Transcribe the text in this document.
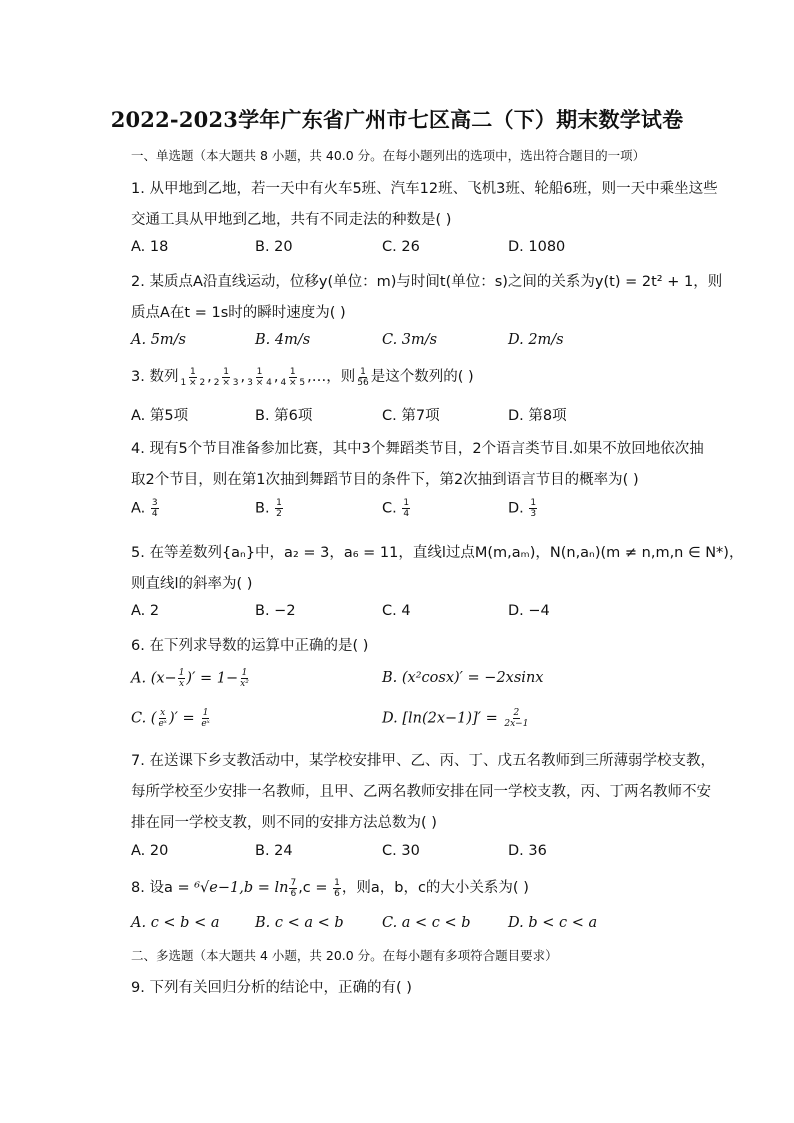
2022-2023学年广东省广州市七区高二（下）期末数学试卷
一、单选题（本大题共 8 小题，共 40.0 分。在每小题列出的选项中，选出符合题目的一项）
1. 从甲地到乙地，若一天中有火车5班、汽车12班、飞机3班、轮船6班，则一天中乘坐这些
交通工具从甲地到乙地，共有不同走法的种数是( )
A. 18	B. 20	C. 26	D. 1080
2. 某质点A沿直线运动，位移y(单位：m)与时间t(单位：s)之间的关系为y(t) = 2t² + 1，则
质点A在t = 1s时的瞬时速度为( )
A. 5m/s	B. 4m/s	C. 3m/s	D. 2m/s
3. 数列 $\frac{1}{1 \times 2}$ , $\frac{1}{2 \times 3}$ , $\frac{1}{3 \times 4}$ , $\frac{1}{4 \times 5}$ ,…，则 $\frac{1}{56}$ 是这个数列的( )
A. 第5项	B. 第6项	C. 第7项	D. 第8项
4. 现有5个节目准备参加比赛，其中3个舞蹈类节目，2个语言类节目.如果不放回地依次抽
取2个节目，则在第1次抽到舞蹈节目的条件下，第2次抽到语言节目的概率为( )
A. $\frac{3}{4}$	B. $\frac{1}{2}$	C. $\frac{1}{4}$	D. $\frac{1}{3}$
5. 在等差数列{aₙ}中，a₂ = 3，a₆ = 11，直线l过点M(m,aₘ)，N(n,aₙ)(m ≠ n,m,n ∈ N*)，
则直线l的斜率为( )
A. 2	B. −2	C. 4	D. −4
6. 在下列求导数的运算中正确的是( )
A. ($x- \frac{1}{x}$ )′ = $1- \frac{1}{\text{x²}}$	B. (x²cosx)′ = −2xsinx
C. ( $\frac{x}{\text{eˣ}}$ )′ = $\frac{1}{\text{eˣ}}$	D. $[\ln(2x-1)]' = \frac{2}{2x-1}$
7. 在送课下乡支教活动中，某学校安排甲、乙、丙、丁、戊五名教师到三所薄弱学校支教，
每所学校至少安排一名教师，且甲、乙两名教师安排在同一学校支教，丙、丁两名教师不安
排在同一学校支教，则不同的安排方法总数为( )
A. 20	B. 24	C. 30	D. 36
8. 设$a = ^6√e-1,b = \ln \frac{7}{6} ,c = \frac{1}{6}$ ，则a，b，c的大小关系为( )
A. c < b < a B. c < a < b	C. a < c < b	D. b < c < a
二、多选题（本大题共 4 小题，共 20.0 分。在每小题有多项符合题目要求）
9. 下列有关回归分析的结论中，正确的有( )
